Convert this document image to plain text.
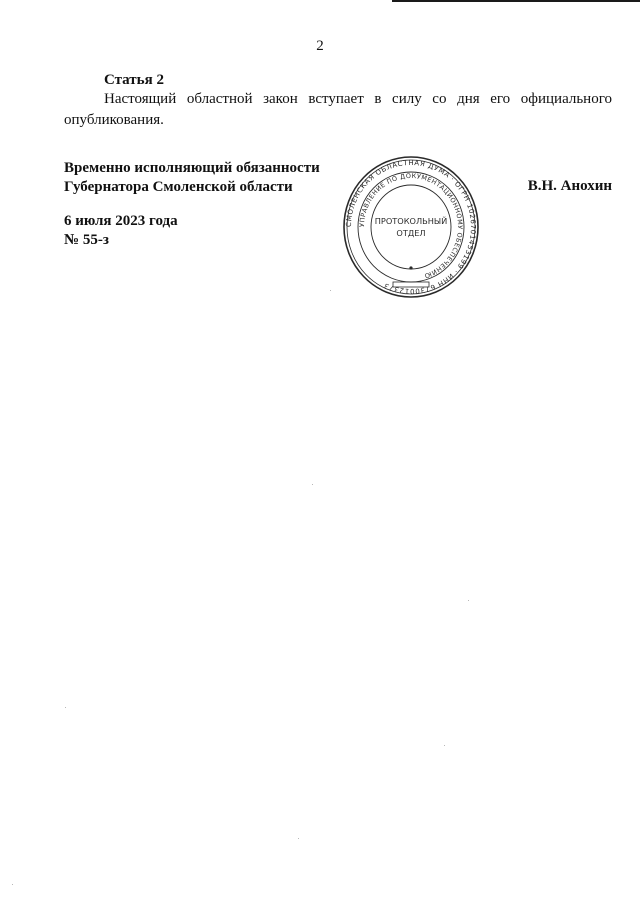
2
Статья 2
Настоящий областной закон вступает в силу со дня его официального
опубликования.
Временно исполняющий обязанности
Губернатора Смоленской области	В.Н. Анохин
6 июля 2023 года
№ 55-з
СМОЛЕНСКАЯ ОБЛАСТНАЯ ДУМА · ОГРН 1026701453199 · ИНН 6730012373
УПРАВЛЕНИЕ ПО ДОКУМЕНТАЦИОННОМУ ОБЕСПЕЧЕНИЮ
ПРОТОКОЛЬНЫЙ
ОТДЕЛ
